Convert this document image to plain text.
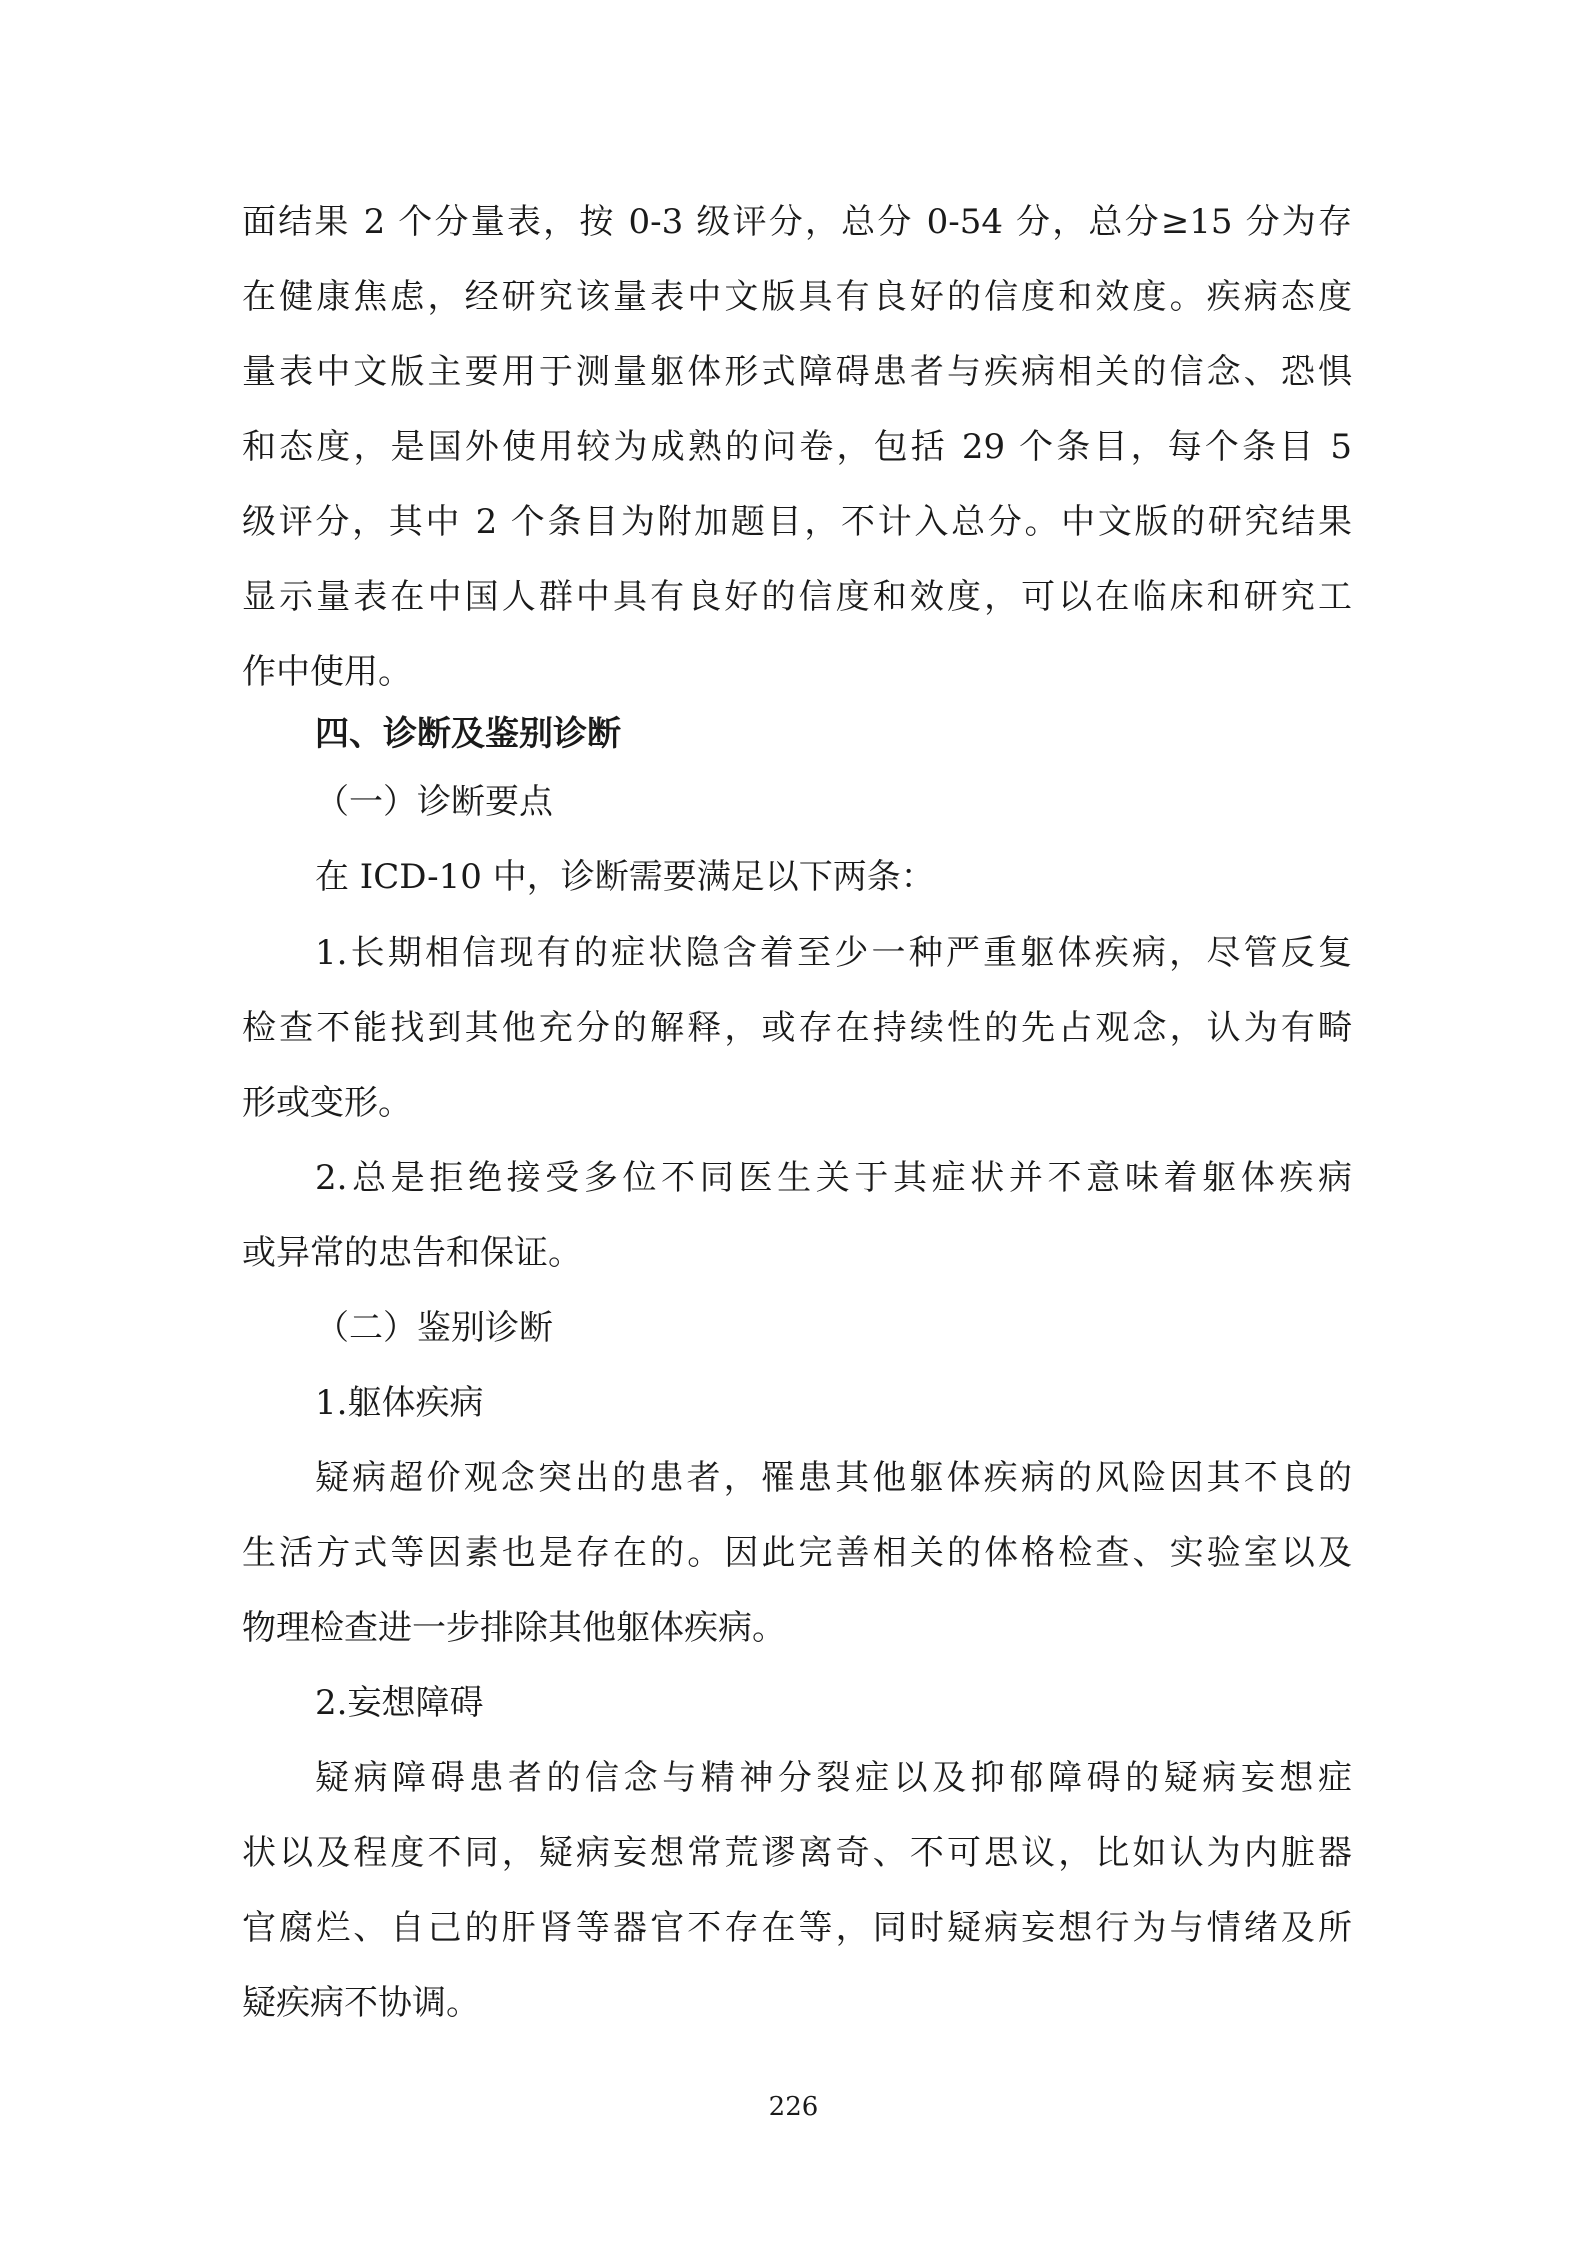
面结果 2 个分量表，按 0-3 级评分，总分 0-54 分，总分≥15 分为存
在健康焦虑，经研究该量表中文版具有良好的信度和效度。疾病态度
量表中文版主要用于测量躯体形式障碍患者与疾病相关的信念、恐惧
和态度，是国外使用较为成熟的问卷，包括 29 个条目，每个条目 5
级评分，其中 2 个条目为附加题目，不计入总分。中文版的研究结果
显示量表在中国人群中具有良好的信度和效度，可以在临床和研究工
作中使用。
四、诊断及鉴别诊断
（一）诊断要点
在 ICD-10 中，诊断需要满足以下两条：
1.长期相信现有的症状隐含着至少一种严重躯体疾病，尽管反复
检查不能找到其他充分的解释，或存在持续性的先占观念，认为有畸
形或变形。
2.总是拒绝接受多位不同医生关于其症状并不意味着躯体疾病
或异常的忠告和保证。
（二）鉴别诊断
1.躯体疾病
疑病超价观念突出的患者，罹患其他躯体疾病的风险因其不良的
生活方式等因素也是存在的。因此完善相关的体格检查、实验室以及
物理检查进一步排除其他躯体疾病。
2.妄想障碍
疑病障碍患者的信念与精神分裂症以及抑郁障碍的疑病妄想症
状以及程度不同，疑病妄想常荒谬离奇、不可思议，比如认为内脏器
官腐烂、自己的肝肾等器官不存在等，同时疑病妄想行为与情绪及所
疑疾病不协调。
226
